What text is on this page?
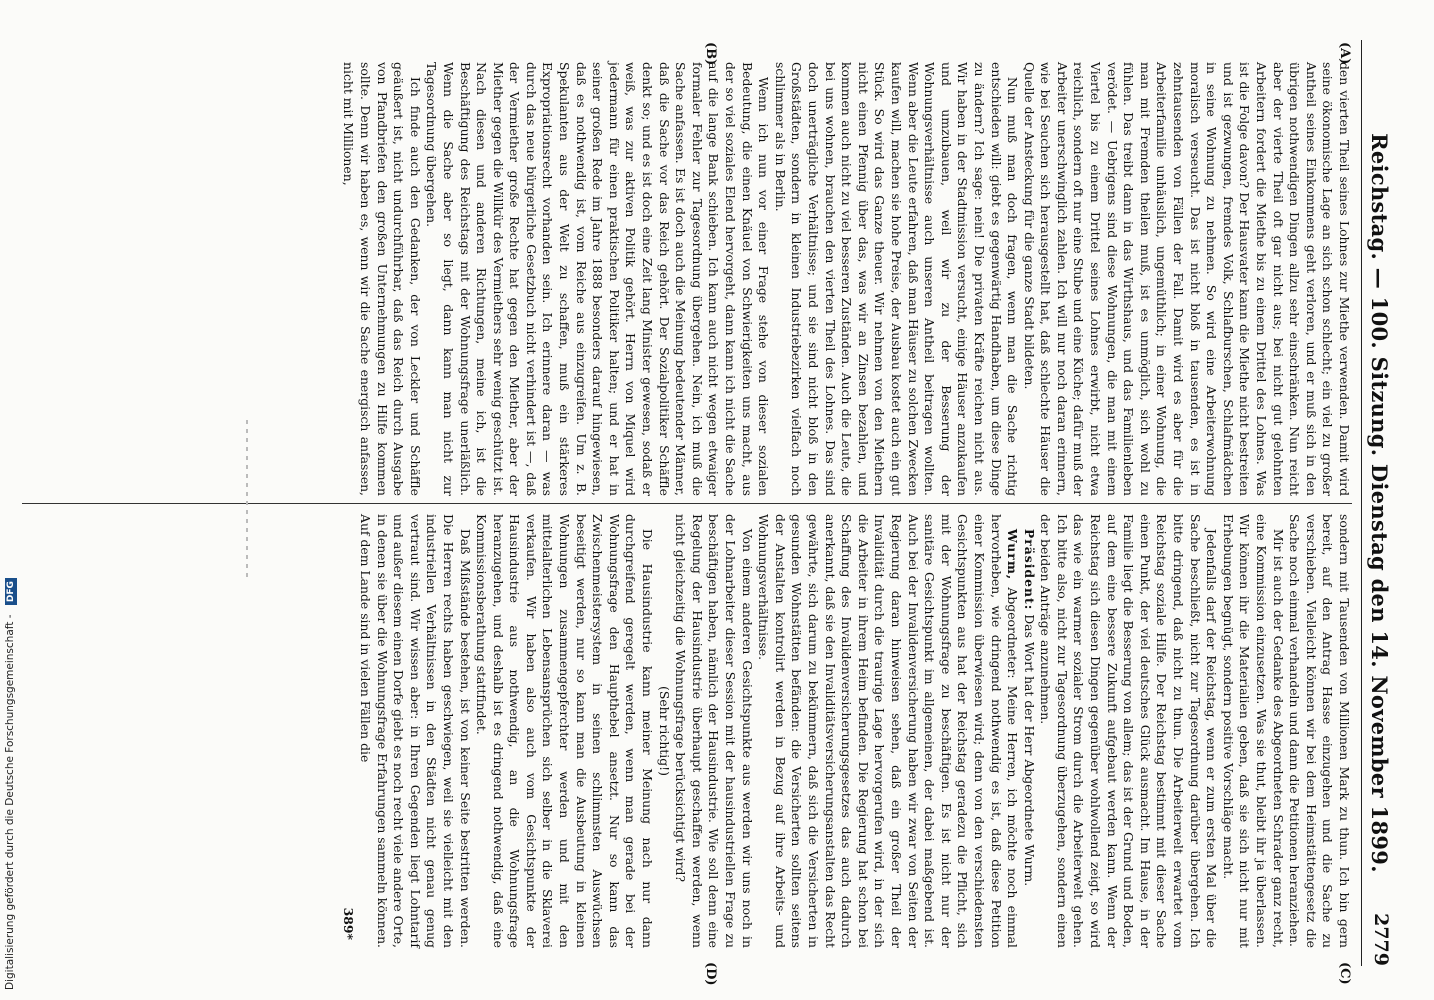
Reichstag. — 100. Sitzung. Dienstag den 14. November 1899.
2779
(A)
(B)
(C)
(D)

den vierten Theil seines Lohnes zur Miethe verwenden. Damit wird seine ökonomische Lage an sich schon schlecht; ein viel zu großer Antheil seines Einkommens geht verloren, und er muß sich in den übrigen nothwendigen Dingen allzu sehr einschränken. Nun reicht aber der vierte Theil oft gar nicht aus; bei nicht gut gelohnten Arbeitern fordert die Miethe bis zu einem Drittel des Lohnes. Was ist die Folge davon? Der Hausvater kann die Miethe nicht bestreiten und ist gezwungen, fremdes Volk, Schlafburschen, Schlafmädchen in seine Wohnung zu nehmen. So wird eine Arbeiterwohnung moralisch verseucht. Das ist nicht bloß in tausenden, es ist in zehntausenden von Fällen der Fall. Damit wird es aber für die Arbeiterfamilie unhäuslich, ungemüthlich; in einer Wohnung, die man mit Fremden theilen muß, ist es unmöglich, sich wohl zu fühlen. Das treibt dann in das Wirthshaus, und das Familienleben verödet. — Uebrigens sind diese Wohnungen, die man mit einem Viertel bis zu einem Drittel seines Lohnes erwirbt, nicht etwa reichlich, sondern oft nur eine Stube und eine Küche; dafür muß der Arbeiter unerschwinglich zahlen. Ich will nur noch daran erinnern, wie bei Seuchen sich herausgestellt hat, daß schlechte Häuser die Quelle der Ansteckung für die ganze Stadt bildeten.

Nun muß man doch fragen, wenn man die Sache richtig entschieden will: giebt es gegenwärtig Handhaben, um diese Dinge zu ändern? Ich sage: nein! Die privaten Kräfte reichen nicht aus. Wir haben in der Stadtmission versucht, einige Häuser anzukaufen und umzubauen, weil wir zu der Besserung der Wohnungsverhältnisse auch unseren Antheil beitragen wollten. Wenn aber die Leute erfahren, daß man Häuser zu solchen Zwecken kaufen will, machen sie hohe Preise, der Ausbau kostet auch ein gut Stück. So wird das Ganze theuer. Wir nehmen von den Miethern nicht einen Pfennig über das, was wir an Zinsen bezahlen, und kommen auch nicht zu viel besseren Zuständen. Auch die Leute, die bei uns wohnen, brauchen den vierten Theil des Lohnes. Das sind doch unerträgliche Verhältnisse; und sie sind nicht bloß in den Großstädten, sondern in kleinen Industriebezirken vielfach noch schlimmer als in Berlin.

Wenn ich nun vor einer Frage stehe von dieser sozialen Bedeutung, die einen Knäuel von Schwierigkeiten uns macht, aus der so viel soziales Elend hervorgeht, dann kann ich nicht die Sache auf die lange Bank schieben. Ich kann auch nicht wegen etwaiger formaler Fehler zur Tagesordnung übergehen. Nein, ich muß die Sache anfassen. Es ist doch auch die Meinung bedeutender Männer, daß die Sache vor das Reich gehört. Der Sozialpolitiker Schäffle denkt so; und es ist doch eine Zeit lang Minister gewesen, sodaß er weiß, was zur aktiven Politik gehört. Herrn von Miquel wird jedermann für einen praktischen Politiker halten; und er hat in seiner großen Rede im Jahre 1888 besonders darauf hingewiesen, daß es nothwendig ist, vom Reiche aus einzugreifen. Um z. B. Spekulanten aus der Welt zu schaffen, muß ein stärkeres Expropriationsrecht vorhanden sein. Ich erinnere daran — was durch das neue bürgerliche Gesetzbuch nicht verhindert ist —, daß der Vermiether große Rechte hat gegen den Miether, aber der Miether gegen die Willkür des Vermiethers sehr wenig geschützt ist. Nach diesen und anderen Richtungen, meine ich, ist die Beschäftigung des Reichstags mit der Wohnungsfrage unerläßlich. Wenn die Sache aber so liegt, dann kann man nicht zur Tagesordnung übergehen.

Ich finde auch den Gedanken, der von Leckler und Schäffle geäußert ist, nicht undurchführbar, daß das Reich durch Ausgabe von Pfandbriefen den großen Unternehmungen zu Hilfe kommen sollte. Denn wir haben es, wenn wir die Sache energisch anfassen, nicht mit Millionen,

sondern mit Tausenden von Millionen Mark zu thun. Ich bin gern bereit, auf den Antrag Hasse einzugehen und die Sache zu verschieben. Vielleicht können wir bei dem Heimstättengesetz die Sache noch einmal verhandeln und dann die Petitionen heranziehen.

Mir ist auch der Gedanke des Abgeordneten Schrader ganz recht, eine Kommission einzusetzen. Was sie thut, bleibt ihr ja überlassen. Wir können ihr die Materialien geben, daß sie sich nicht nur mit Erhebungen begnügt, sondern positive Vorschläge macht.

Jedenfalls darf der Reichstag, wenn er zum ersten Mal über die Sache beschließt, nicht zur Tagesordnung darüber übergehen. Ich bitte dringend, daß nicht zu thun. Die Arbeiterwelt erwartet vom Reichstag soziale Hilfe. Der Reichstag bestimmt mit dieser Sache einen Punkt, der viel deutsches Glück ausmacht. Im Hause, in der Familie liegt die Besserung von allem; das ist der Grund und Boden, auf dem eine bessere Zukunft aufgebaut werden kann. Wenn der Reichstag sich diesen Dingen gegenüber wohlwollend zeigt, so wird das wie ein warmer sozialer Strom durch die Arbeiterwelt gehen. Ich bitte also, nicht zur Tagesordnung überzugehen, sondern einen der beiden Anträge anzunehmen.

Präsident: Das Wort hat der Herr Abgeordnete Wurm.

Wurm, Abgeordneter: Meine Herren, ich möchte noch einmal hervorheben, wie dringend nothwendig es ist, daß diese Petition einer Kommission überwiesen wird; denn von den verschiedensten Gesichtspunkten aus hat der Reichstag geradezu die Pflicht, sich mit der Wohnungsfrage zu beschäftigen. Es ist nicht nur der sanitäre Gesichtspunkt im allgemeinen, der dabei maßgebend ist. Auch bei der Invalidenversicherung haben wir zwar von Seiten der Regierung daran hinweisen sehen, daß ein großer Theil der Invalidität durch die traurige Lage hervorgerufen wird, in der sich die Arbeiter in ihrem Heim befinden. Die Regierung hat schon bei Schaffung des Invalidenversicherungsgesetzes das auch dadurch anerkannt, daß sie den Invaliditätsversicherungsanstalten das Recht gewährte, sich darum zu bekümmern, daß sich die Versicherten in gesunden Wohnstätten befänden: die Versicherten sollten seitens der Anstalten kontrolirt werden in Bezug auf ihre Arbeits- und Wohnungsverhältnisse.

Von einem anderen Gesichtspunkte aus werden wir uns noch in der Lohnarbeiter dieser Session mit der hausindustriellen Frage zu beschäftigen haben, nämlich der Hausindustrie. Wie soll denn eine Regelung der Hausindustrie überhaupt geschaffen werden, wenn nicht gleichzeitig die Wohnungsfrage berücksichtigt wird?

(Sehr richtig!)

Die Hausindustrie kann meiner Meinung nach nur dann durchgreifend geregelt werden, wenn man gerade bei der Wohnungsfrage den Haupthebel ansetzt. Nur so kann das Zwischenmeistersystem in seinen schlimmsten Auswüchsen beseitigt werden, nur so kann man die Ausbeutung in kleinen Wohnungen zusammengepferchter werden und mit den mittelalterlichen Lebensansprüchen sich selber in die Sklaverei verkaufen. Wir haben also auch vom Gesichtspunkte der Hausindustrie aus nothwendig, an die Wohnungsfrage heranzugehen, und deshalb ist es dringend nothwendig, daß eine Kommissionsberathung stattfindet.

Daß Mißstände bestehen, ist von keiner Seite bestritten werden. Die Herren rechts haben geschwiegen, weil sie vielleicht mit den industriellen Verhältnissen in den Städten nicht genau genug vertraut sind. Wir wissen aber: in Ihren Gegenden liegt Lohntarif und außer diesem einen Dorfe giebt es noch recht viele andere Orte, in denen sie über die Wohnungsfrage Erfahrungen sammeln können. Auf dem Lande sind in vielen Fällen die

389*

Digitalisierung gefördert durch die Deutsche Forschungsgemeinschaft - DFG
